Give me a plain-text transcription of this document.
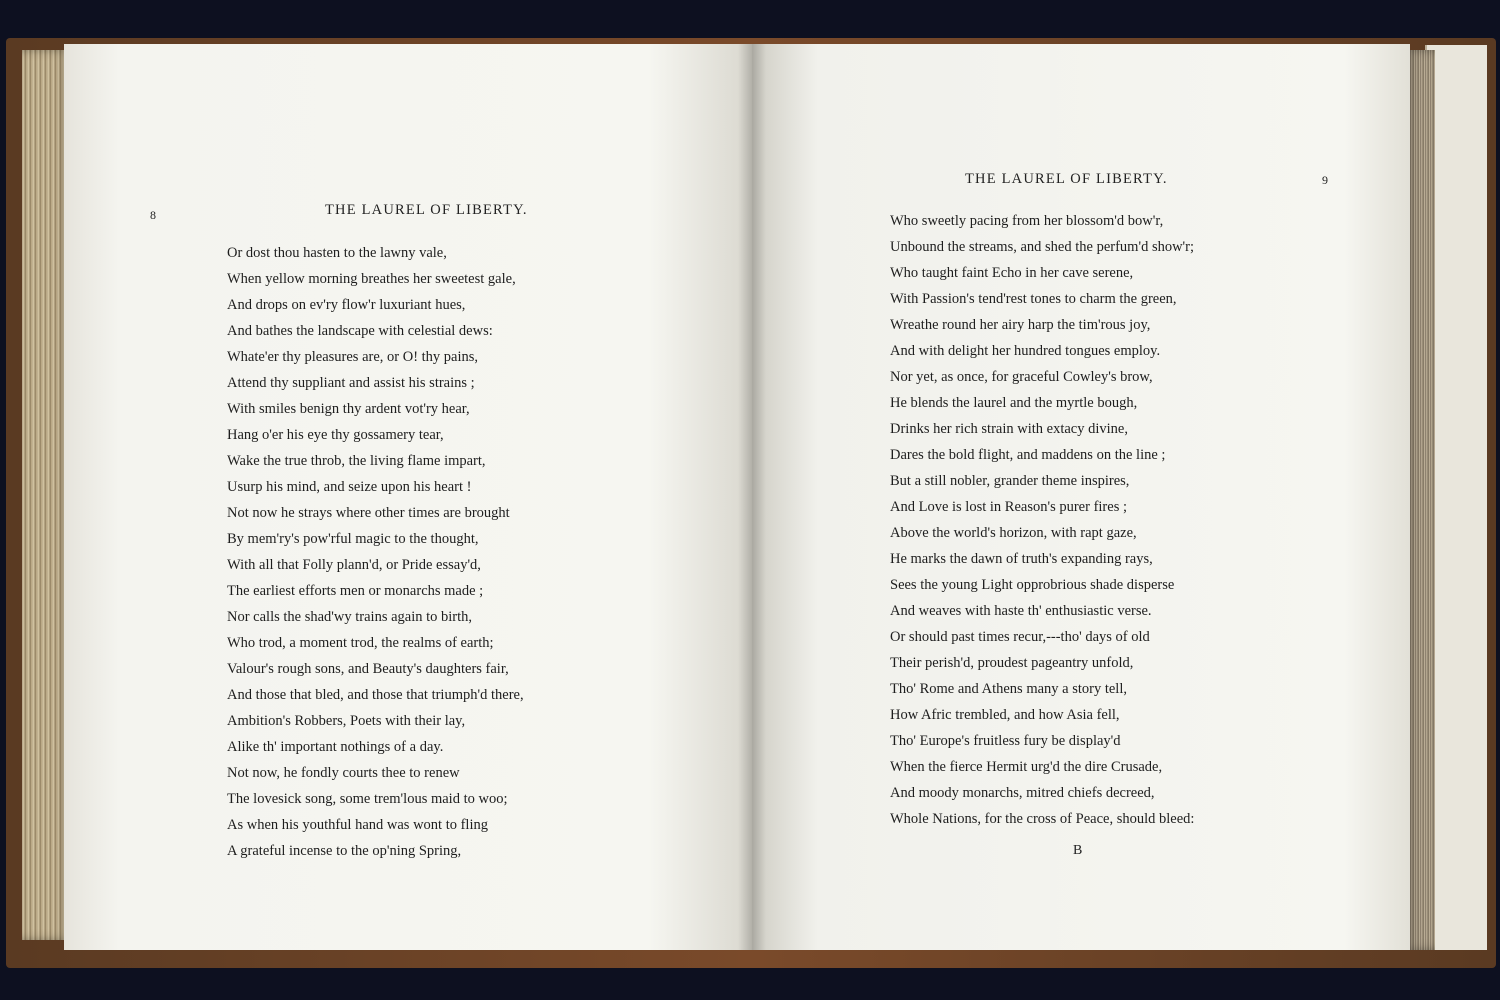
8	THE LAUREL OF LIBERTY.
Or dost thou hasten to the lawny vale,
When yellow morning breathes her sweetest gale,
And drops on ev'ry flow'r luxuriant hues,
And bathes the landscape with celestial dews:
Whate'er thy pleasures are, or O! thy pains,
Attend thy suppliant and assist his strains ;
With smiles benign thy ardent vot'ry hear,
Hang o'er his eye thy gossamery tear,
Wake the true throb, the living flame impart,
Usurp his mind, and seize upon his heart !
Not now he strays where other times are brought
By mem'ry's pow'rful magic to the thought,
With all that Folly plann'd, or Pride essay'd,
The earliest efforts men or monarchs made ;
Nor calls the shad'wy trains again to birth,
Who trod, a moment trod, the realms of earth;
Valour's rough sons, and Beauty's daughters fair,
And those that bled, and those that triumph'd there,
Ambition's Robbers, Poets with their lay,
Alike th' important nothings of a day.
Not now, he fondly courts thee to renew
The lovesick song, some trem'lous maid to woo;
As when his youthful hand was wont to fling
A grateful incense to the op'ning Spring,
THE LAUREL OF LIBERTY.	9
Who sweetly pacing from her blossom'd bow'r,
Unbound the streams, and shed the perfum'd show'r;
Who taught faint Echo in her cave serene,
With Passion's tend'rest tones to charm the green,
Wreathe round her airy harp the tim'rous joy,
And with delight her hundred tongues employ.
Nor yet, as once, for graceful Cowley's brow,
He blends the laurel and the myrtle bough,
Drinks her rich strain with extacy divine,
Dares the bold flight, and maddens on the line ;
But a still nobler, grander theme inspires,
And Love is lost in Reason's purer fires ;
Above the world's horizon, with rapt gaze,
He marks the dawn of truth's expanding rays,
Sees the young Light opprobrious shade disperse
And weaves with haste th' enthusiastic verse.
Or should past times recur,---tho' days of old
Their perish'd, proudest pageantry unfold,
Tho' Rome and Athens many a story tell,
How Afric trembled, and how Asia fell,
Tho' Europe's fruitless fury be display'd
When the fierce Hermit urg'd the dire Crusade,
And moody monarchs, mitred chiefs decreed,
Whole Nations, for the cross of Peace, should bleed:
B
